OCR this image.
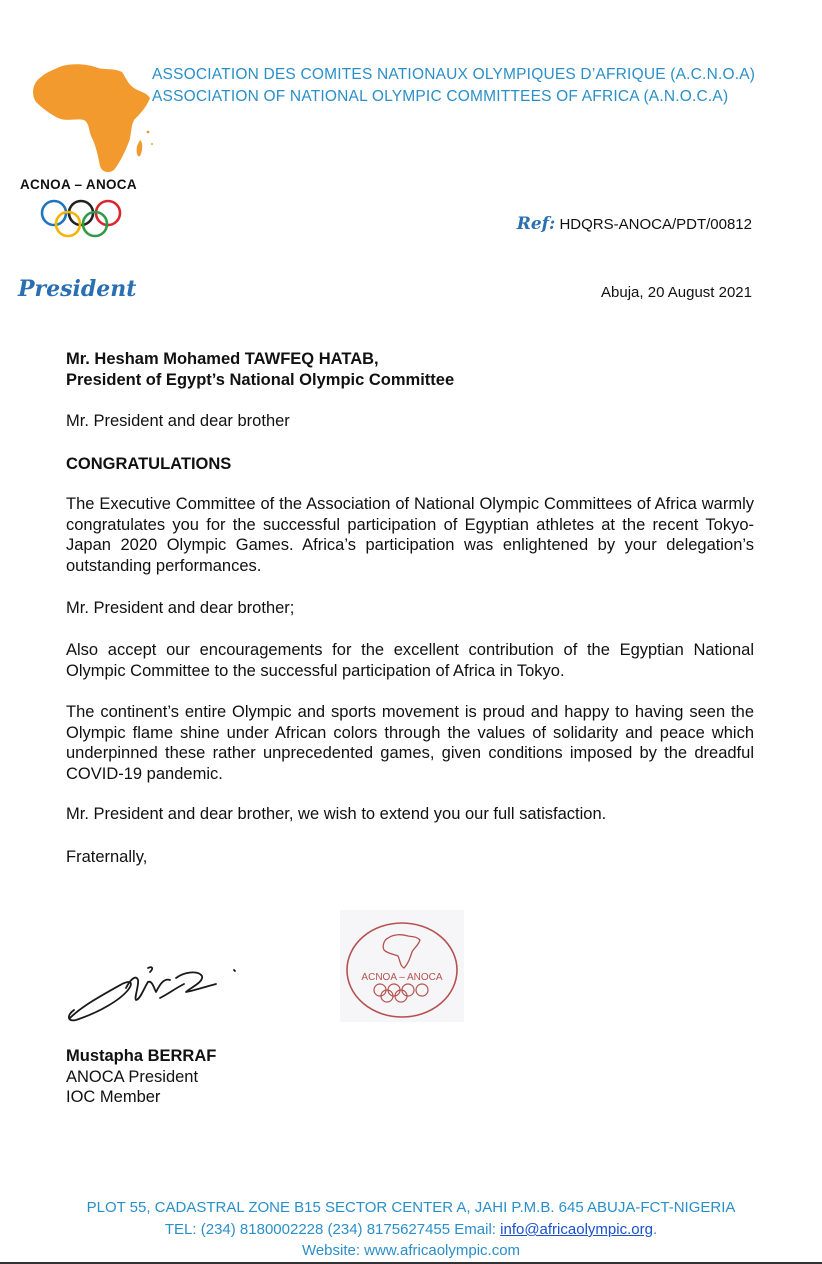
ACNOA – ANOCA
ASSOCIATION DES COMITES NATIONAUX OLYMPIQUES D’AFRIQUE (A.C.N.O.A)
ASSOCIATION OF NATIONAL OLYMPIC COMMITTEES OF AFRICA (A.N.O.C.A)
Ref: HDQRS-ANOCA/PDT/00812
President	Abuja, 20 August 2021
Mr. Hesham Mohamed TAWFEQ HATAB,
President of Egypt’s National Olympic Committee
Mr. President and dear brother
CONGRATULATIONS
The Executive Committee of the Association of National Olympic Committees of Africa warmly congratulates you for the successful participation of Egyptian athletes at the recent Tokyo-Japan 2020 Olympic Games. Africa’s participation was enlightened by your delegation’s outstanding performances.
Mr. President and dear brother;
Also accept our encouragements for the excellent contribution of the Egyptian National Olympic Committee to the successful participation of Africa in Tokyo.
The continent’s entire Olympic and sports movement is proud and happy to having seen the Olympic flame shine under African colors through the values of solidarity and peace which underpinned these rather unprecedented games, given conditions imposed by the dreadful COVID-19 pandemic.
Mr. President and dear brother, we wish to extend you our full satisfaction.
Fraternally,
ACNOA – ANOCA
Mustapha BERRAF
ANOCA President
IOC Member
PLOT 55, CADASTRAL ZONE B15 SECTOR CENTER A, JAHI P.M.B. 645 ABUJA-FCT-NIGERIA
TEL: (234) 8180002228 (234) 8175627455 Email: info@africaolympic.org.
Website: www.africaolympic.com
